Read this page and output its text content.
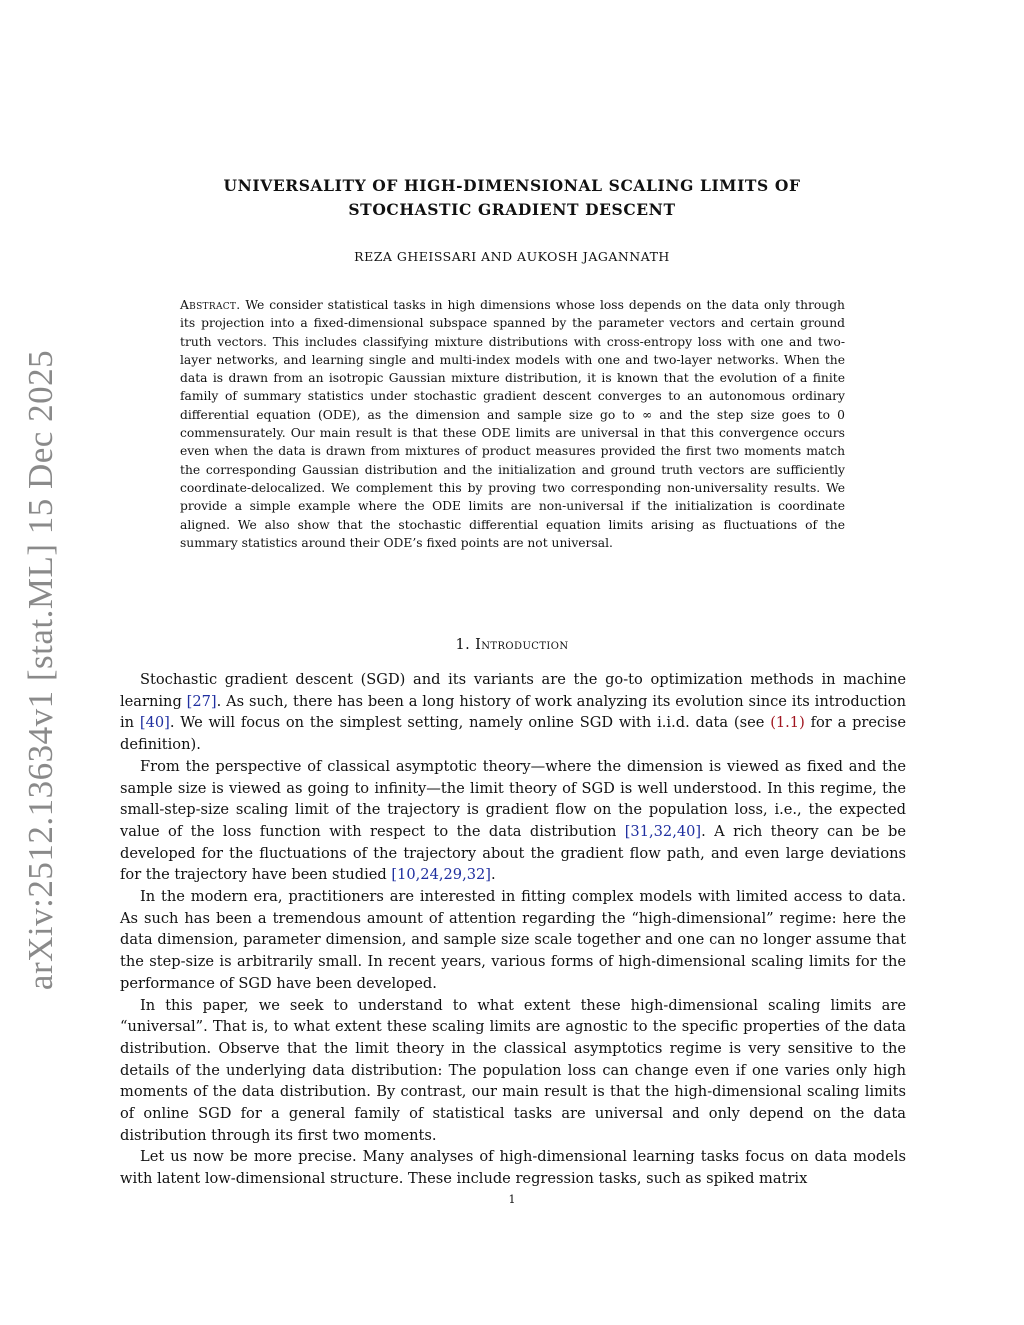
arXiv:2512.13634v1 [stat.ML] 15 Dec 2025
UNIVERSALITY OF HIGH-DIMENSIONAL SCALING LIMITS OF
STOCHASTIC GRADIENT DESCENT
REZA GHEISSARI AND AUKOSH JAGANNATH
Abstract. We consider statistical tasks in high dimensions whose loss depends on the data only through its projection into a fixed-dimensional subspace spanned by the parameter vectors and certain ground truth vectors. This includes classifying mixture distributions with cross-entropy loss with one and two-layer networks, and learning single and multi-index models with one and two-layer networks. When the data is drawn from an isotropic Gaussian mixture distribution, it is known that the evolution of a finite family of summary statistics under stochastic gradient descent converges to an autonomous ordinary differential equation (ODE), as the dimension and sample size go to ∞ and the step size goes to 0 commensurately. Our main result is that these ODE limits are universal in that this convergence occurs even when the data is drawn from mixtures of product measures provided the first two moments match the corresponding Gaussian distribution and the initialization and ground truth vectors are sufficiently coordinate-delocalized. We complement this by proving two corresponding non-universality results. We provide a simple example where the ODE limits are non-universal if the initialization is coordinate aligned. We also show that the stochastic differential equation limits arising as fluctuations of the summary statistics around their ODE’s fixed points are not universal.
1. Introduction

Stochastic gradient descent (SGD) and its variants are the go-to optimization methods in machine learning [27]. As such, there has been a long history of work analyzing its evolution since its introduction in [40]. We will focus on the simplest setting, namely online SGD with i.i.d. data (see (1.1) for a precise definition).

From the perspective of classical asymptotic theory—where the dimension is viewed as fixed and the sample size is viewed as going to infinity—the limit theory of SGD is well understood. In this regime, the small-step-size scaling limit of the trajectory is gradient flow on the population loss, i.e., the expected value of the loss function with respect to the data distribution [31,32,40]. A rich theory can be be developed for the fluctuations of the trajectory about the gradient flow path, and even large deviations for the trajectory have been studied [10,24,29,32].

In the modern era, practitioners are interested in fitting complex models with limited access to data. As such has been a tremendous amount of attention regarding the “high-dimensional” regime: here the data dimension, parameter dimension, and sample size scale together and one can no longer assume that the step-size is arbitrarily small. In recent years, various forms of high-dimensional scaling limits for the performance of SGD have been developed.

In this paper, we seek to understand to what extent these high-dimensional scaling limits are “universal”. That is, to what extent these scaling limits are agnostic to the specific properties of the data distribution. Observe that the limit theory in the classical asymptotics regime is very sensitive to the details of the underlying data distribution: The population loss can change even if one varies only high moments of the data distribution. By contrast, our main result is that the high-dimensional scaling limits of online SGD for a general family of statistical tasks are universal and only depend on the data distribution through its first two moments.

Let us now be more precise. Many analyses of high-dimensional learning tasks focus on data models with latent low-dimensional structure. These include regression tasks, such as spiked matrix

1
